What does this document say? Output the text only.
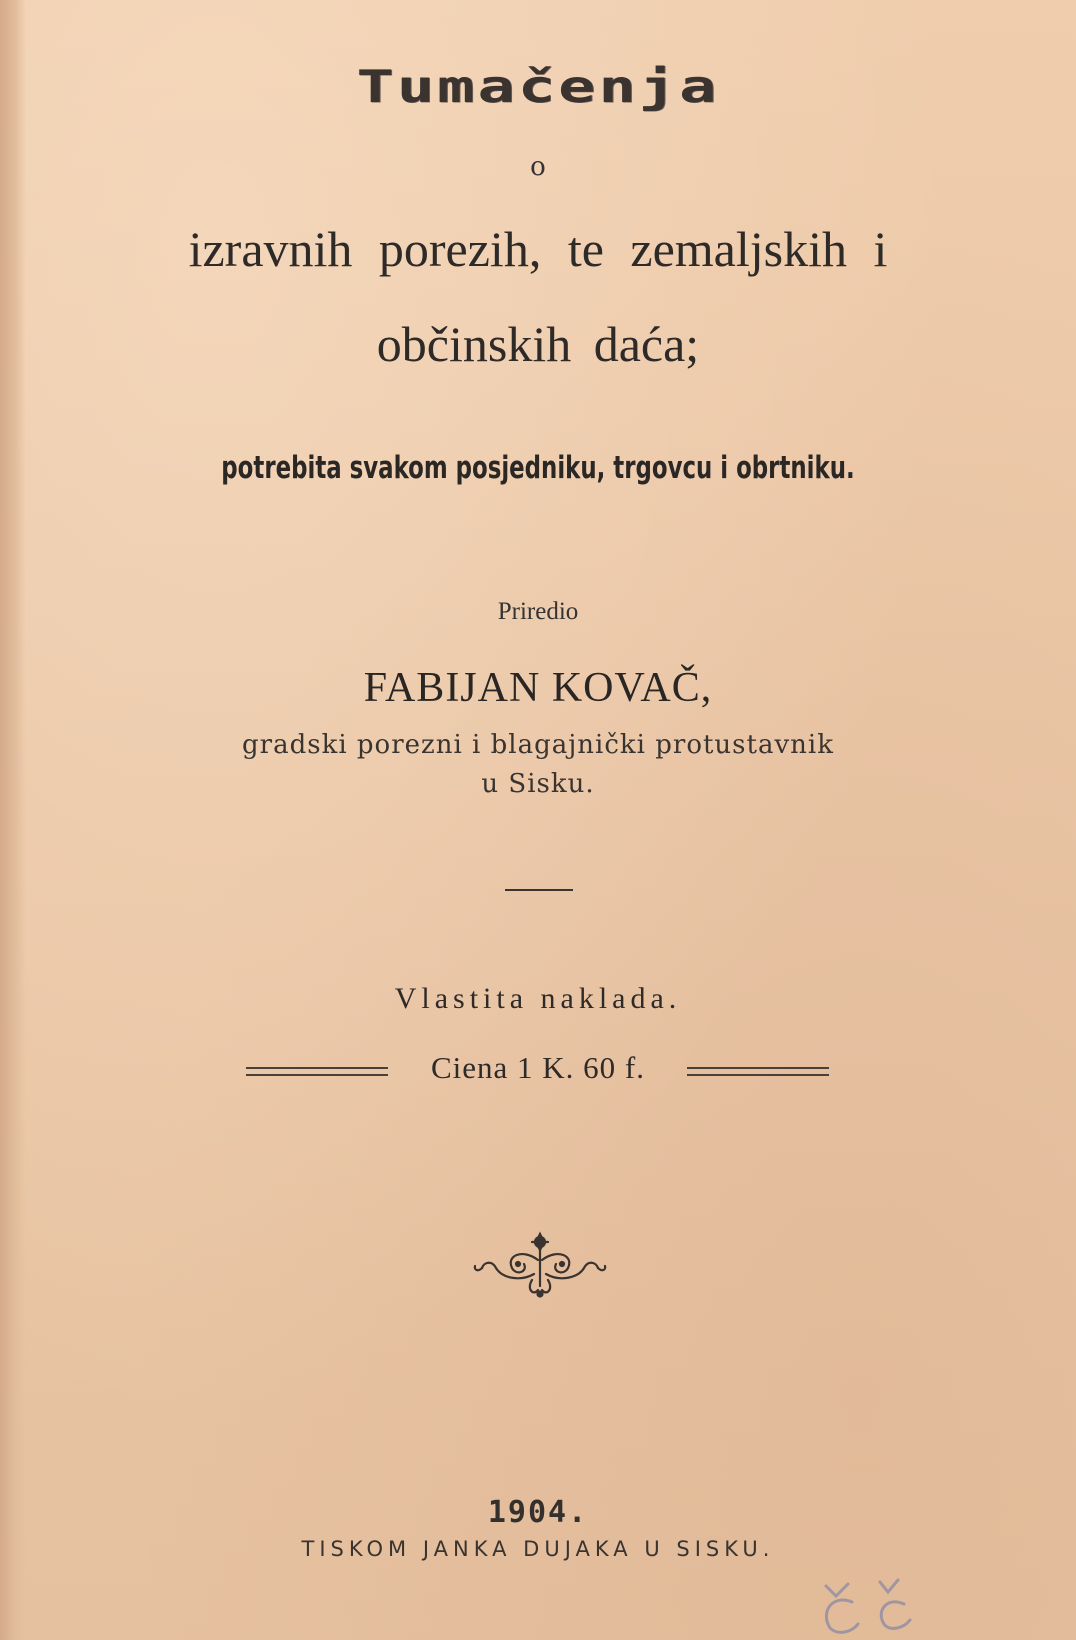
Tumačenja
o
izravnih porezih, te zemaljskih i
občinskih daća;
potrebita svakom posjedniku, trgovcu i obrtniku.
Priredio
FABIJAN KOVAČ,
gradski porezni i blagajnički protustavnik
u Sisku.
Vlastita naklada.
Ciena 1 K. 60 f.
1904.
TISKOM JANKA DUJAKA U SISKU.
